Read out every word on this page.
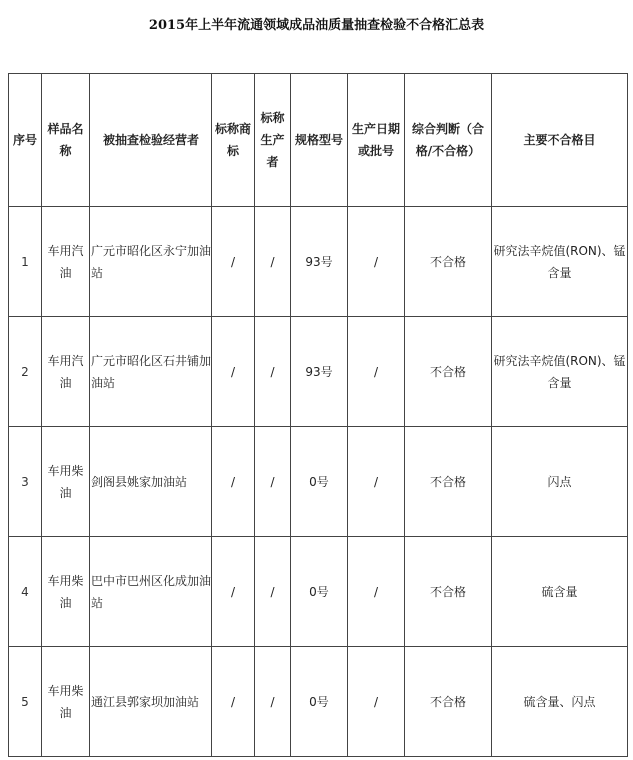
2015年上半年流通领域成品油质量抽查检验不合格汇总表
序号	样品名称	被抽查检验经营者	标称商标	标称生产者	规格型号	生产日期或批号	综合判断（合格/不合格）	主要不合格目
1	车用汽油	广元市昭化区永宁加油站	/	/	93号	/	不合格	研究法辛烷值(RON)、锰含量
2	车用汽油	广元市昭化区石井铺加油站	/	/	93号	/	不合格	研究法辛烷值(RON)、锰含量
3	车用柴油	剑阁县姚家加油站	/	/	0号	/	不合格	闪点
4	车用柴油	巴中市巴州区化成加油站	/	/	0号	/	不合格	硫含量
5	车用柴油	通江县郭家坝加油站	/	/	0号	/	不合格	硫含量、闪点
